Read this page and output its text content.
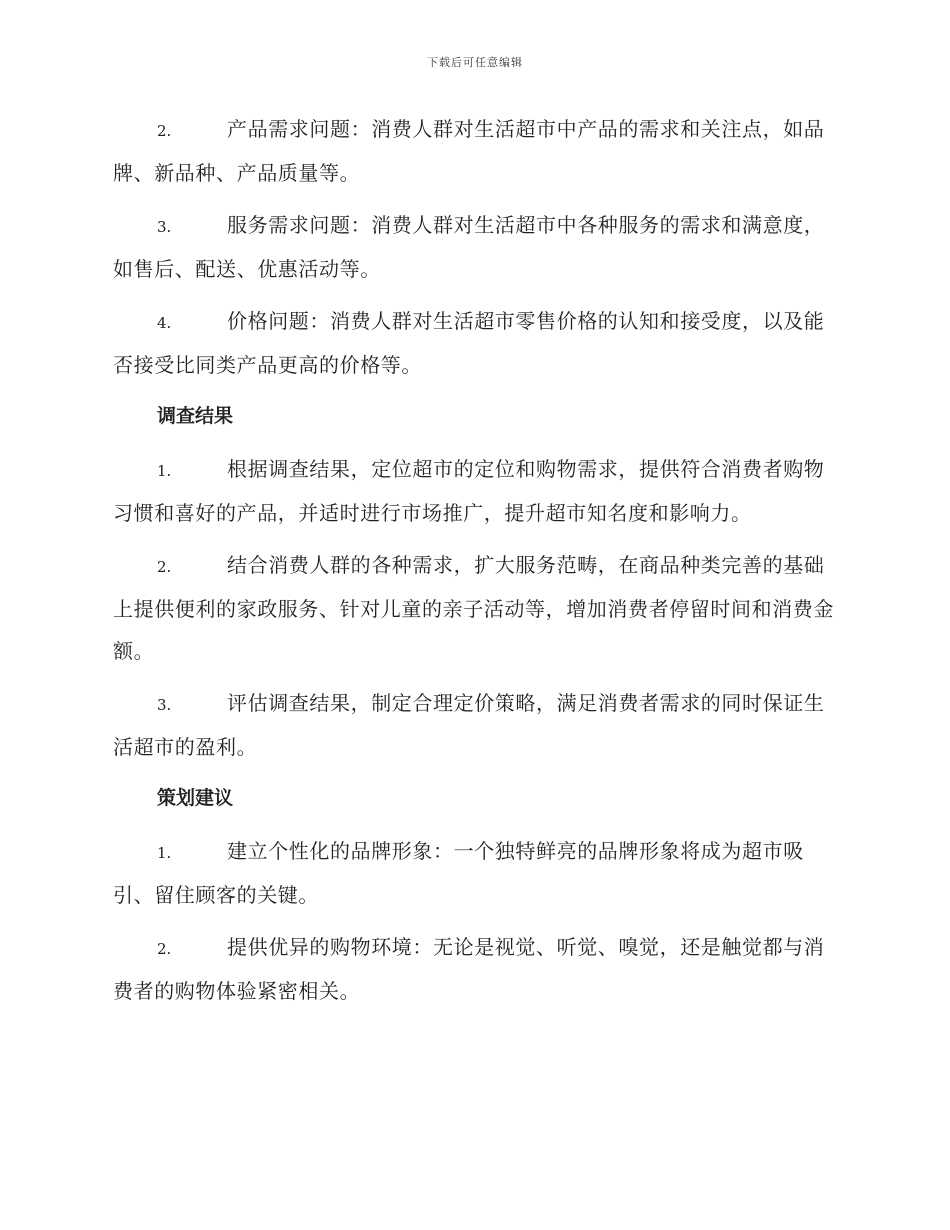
下载后可任意编辑
2.	产品需求问题：消费人群对生活超市中产品的需求和关注点，如品牌、新品种、产品质量等。
3.	服务需求问题：消费人群对生活超市中各种服务的需求和满意度，如售后、配送、优惠活动等。
4.	价格问题：消费人群对生活超市零售价格的认知和接受度，以及能否接受比同类产品更高的价格等。
调查结果
1.	根据调查结果，定位超市的定位和购物需求，提供符合消费者购物习惯和喜好的产品，并适时进行市场推广，提升超市知名度和影响力。
2.	结合消费人群的各种需求，扩大服务范畴，在商品种类完善的基础上提供便利的家政服务、针对儿童的亲子活动等，增加消费者停留时间和消费金额。
3.	评估调查结果，制定合理定价策略，满足消费者需求的同时保证生活超市的盈利。
策划建议
1.	建立个性化的品牌形象：一个独特鲜亮的品牌形象将成为超市吸引、留住顾客的关键。
2.	提供优异的购物环境：无论是视觉、听觉、嗅觉，还是触觉都与消费者的购物体验紧密相关。
